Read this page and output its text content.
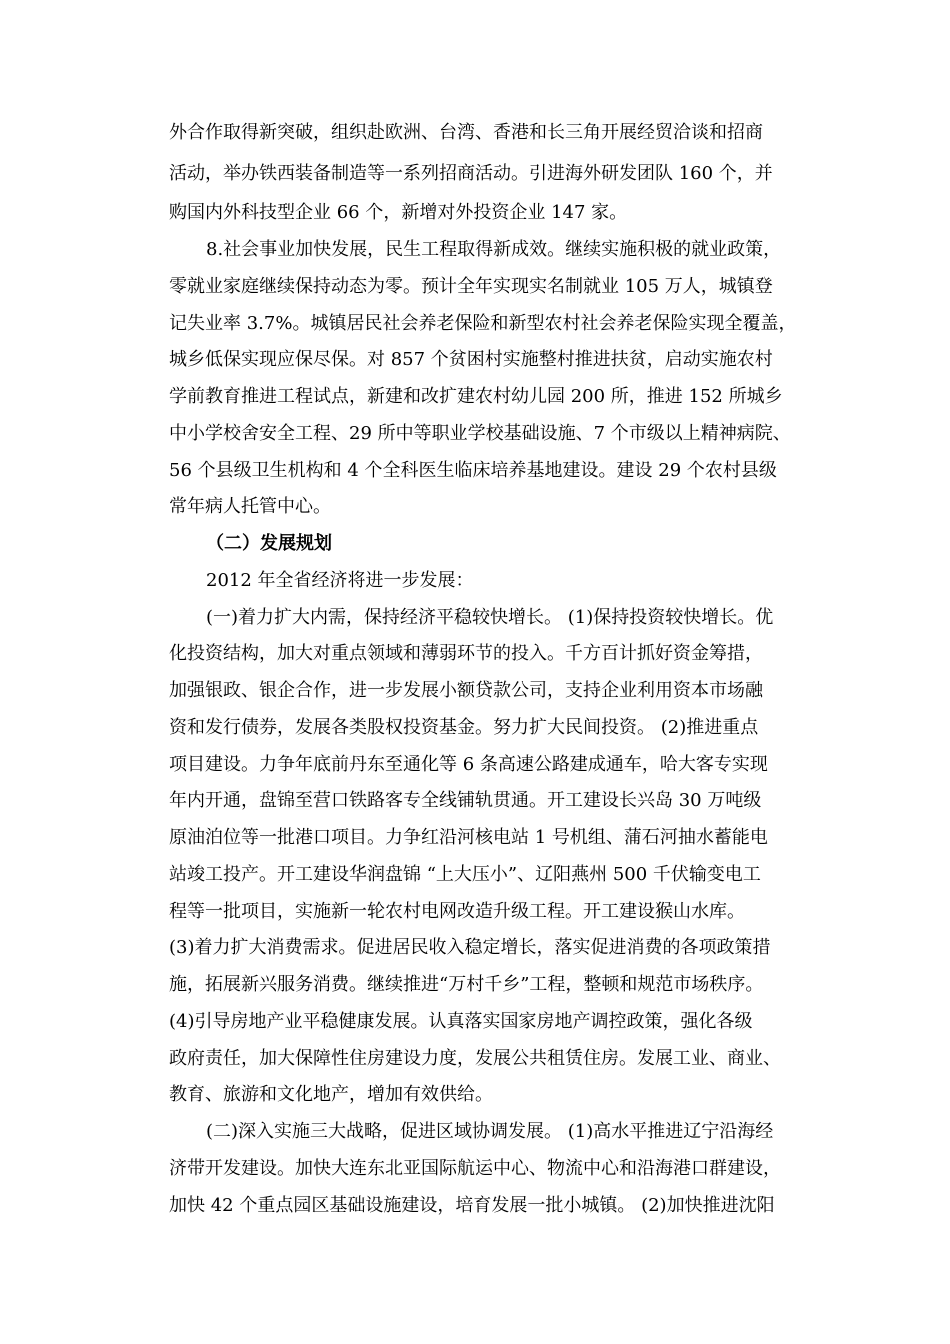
外合作取得新突破，组织赴欧洲、台湾、香港和长三角开展经贸洽谈和招商
活动，举办铁西装备制造等一系列招商活动。引进海外研发团队 160 个，并
购国内外科技型企业 66 个，新增对外投资企业 147 家。
8.社会事业加快发展，民生工程取得新成效。继续实施积极的就业政策，
零就业家庭继续保持动态为零。预计全年实现实名制就业 105 万人，城镇登
记失业率 3.7%。城镇居民社会养老保险和新型农村社会养老保险实现全覆盖，
城乡低保实现应保尽保。对 857 个贫困村实施整村推进扶贫，启动实施农村
学前教育推进工程试点，新建和改扩建农村幼儿园 200 所，推进 152 所城乡
中小学校舍安全工程、29 所中等职业学校基础设施、7 个市级以上精神病院、
56 个县级卫生机构和 4 个全科医生临床培养基地建设。建设 29 个农村县级
常年病人托管中心。
（二）发展规划
2012 年全省经济将进一步发展：
(一)着力扩大内需，保持经济平稳较快增长。 (1)保持投资较快增长。优
化投资结构，加大对重点领域和薄弱环节的投入。千方百计抓好资金筹措，
加强银政、银企合作，进一步发展小额贷款公司，支持企业利用资本市场融
资和发行债券，发展各类股权投资基金。努力扩大民间投资。 (2)推进重点
项目建设。力争年底前丹东至通化等 6 条高速公路建成通车，哈大客专实现
年内开通，盘锦至营口铁路客专全线铺轨贯通。开工建设长兴岛 30 万吨级
原油泊位等一批港口项目。力争红沿河核电站 1 号机组、蒲石河抽水蓄能电
站竣工投产。开工建设华润盘锦 “上大压小”、辽阳燕州 500 千伏输变电工
程等一批项目，实施新一轮农村电网改造升级工程。开工建设猴山水库。
(3)着力扩大消费需求。促进居民收入稳定增长，落实促进消费的各项政策措
施，拓展新兴服务消费。继续推进“万村千乡”工程，整顿和规范市场秩序。
(4)引导房地产业平稳健康发展。认真落实国家房地产调控政策，强化各级
政府责任，加大保障性住房建设力度，发展公共租赁住房。发展工业、商业、
教育、旅游和文化地产，增加有效供给。
(二)深入实施三大战略，促进区域协调发展。 (1)高水平推进辽宁沿海经
济带开发建设。加快大连东北亚国际航运中心、物流中心和沿海港口群建设，
加快 42 个重点园区基础设施建设，培育发展一批小城镇。 (2)加快推进沈阳
